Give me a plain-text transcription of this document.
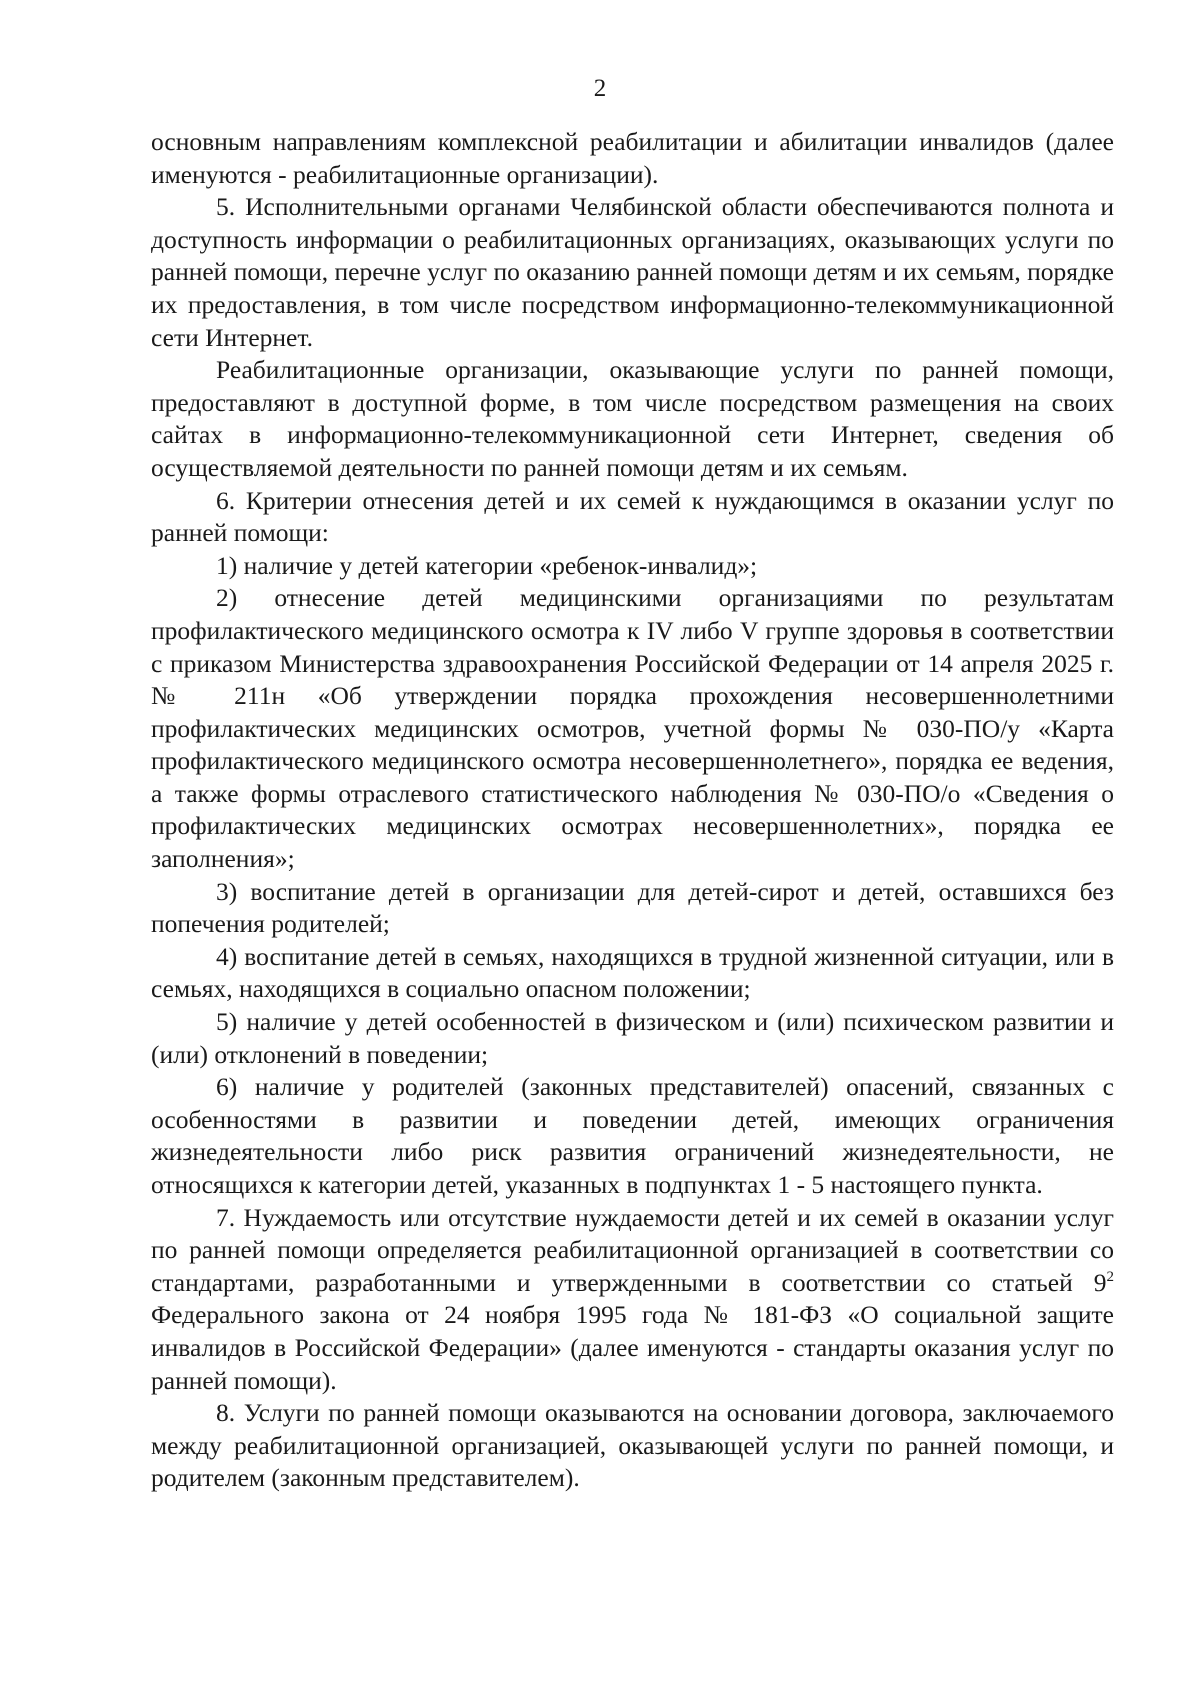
2

основным направлениям комплексной реабилитации и абилитации инвалидов (далее именуются - реабилитационные организации).

5. Исполнительными органами Челябинской области обеспечиваются полнота и доступность информации о реабилитационных организациях, оказывающих услуги по ранней помощи, перечне услуг по оказанию ранней помощи детям и их семьям, порядке их предоставления, в том числе посредством информационно-телекоммуникационной сети Интернет.

Реабилитационные организации, оказывающие услуги по ранней помощи, предоставляют в доступной форме, в том числе посредством размещения на своих сайтах в информационно-телекоммуникационной сети Интернет, сведения об осуществляемой деятельности по ранней помощи детям и их семьям.

6. Критерии отнесения детей и их семей к нуждающимся в оказании услуг по ранней помощи:

1) наличие у детей категории «ребенок-инвалид»;

2) отнесение детей медицинскими организациями по результатам профилактического медицинского осмотра к IV либо V группе здоровья в соответствии с приказом Министерства здравоохранения Российской Федерации от 14 апреля 2025 г. № 211н «Об утверждении порядка прохождения несовершеннолетними профилактических медицинских осмотров, учетной формы № 030-ПО/у «Карта профилактического медицинского осмотра несовершеннолетнего», порядка ее ведения, а также формы отраслевого статистического наблюдения № 030-ПО/о «Сведения о профилактических медицинских осмотрах несовершеннолетних», порядка ее заполнения»;

3) воспитание детей в организации для детей-сирот и детей, оставшихся без попечения родителей;

4) воспитание детей в семьях, находящихся в трудной жизненной ситуации, или в семьях, находящихся в социально опасном положении;

5) наличие у детей особенностей в физическом и (или) психическом развитии и (или) отклонений в поведении;

6) наличие у родителей (законных представителей) опасений, связанных с особенностями в развитии и поведении детей, имеющих ограничения жизнедеятельности либо риск развития ограничений жизнедеятельности, не относящихся к категории детей, указанных в подпунктах 1 - 5 настоящего пункта.

7. Нуждаемость или отсутствие нуждаемости детей и их семей в оказании услуг по ранней помощи определяется реабилитационной организацией в соответствии со стандартами, разработанными и утвержденными в соответствии со статьей $9^2$ Федерального закона от 24 ноября 1995 года № 181-ФЗ «О социальной защите инвалидов в Российской Федерации» (далее именуются - стандарты оказания услуг по ранней помощи).

8. Услуги по ранней помощи оказываются на основании договора, заключаемого между реабилитационной организацией, оказывающей услуги по ранней помощи, и родителем (законным представителем).
